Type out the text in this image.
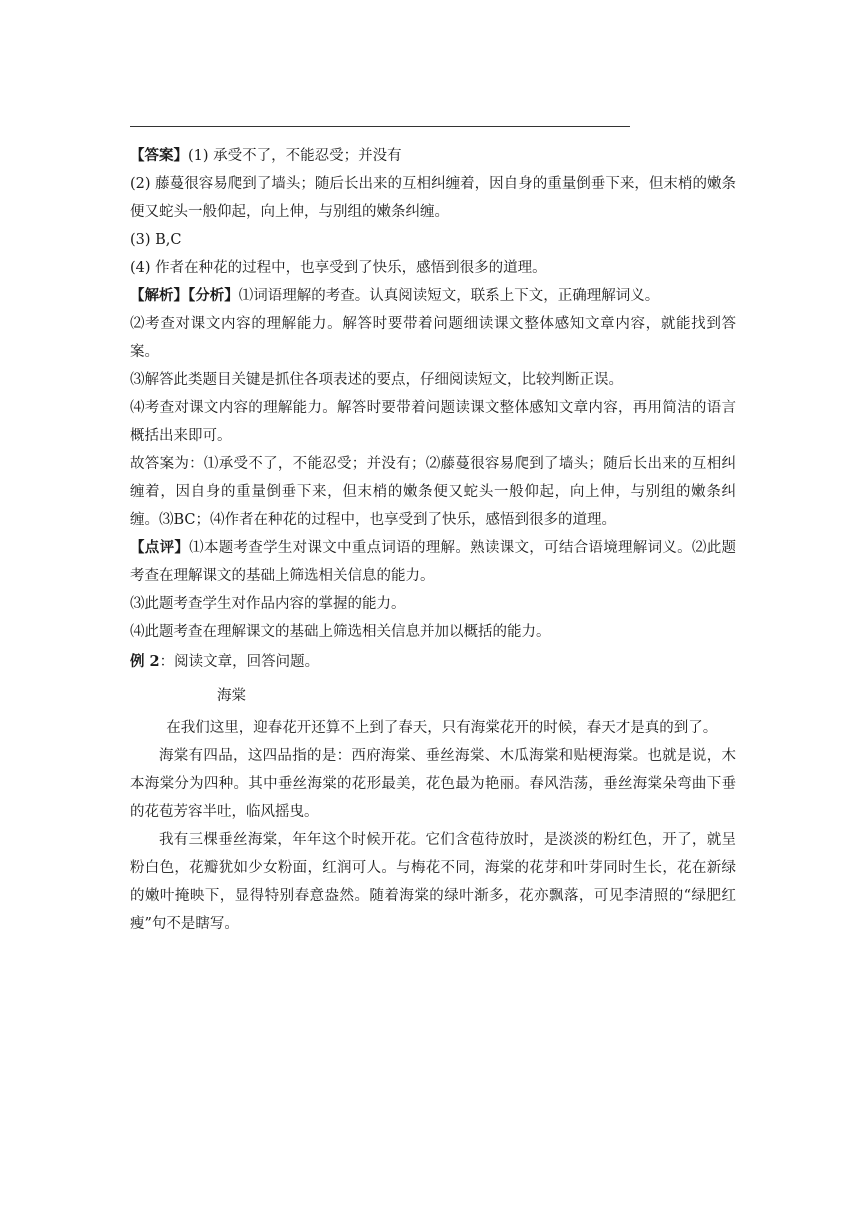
【答案】(1) 承受不了，不能忍受；并没有

(2) 藤蔓很容易爬到了墙头；随后长出来的互相纠缠着，因自身的重量倒垂下来，但末梢的嫩条便又蛇头一般仰起，向上伸，与别组的嫩条纠缠。

(3) B,C

(4) 作者在种花的过程中，也享受到了快乐，感悟到很多的道理。

【解析】【分析】⑴词语理解的考查。认真阅读短文，联系上下文，正确理解词义。

⑵考查对课文内容的理解能力。解答时要带着问题细读课文整体感知文章内容，就能找到答案。

⑶解答此类题目关键是抓住各项表述的要点，仔细阅读短文，比较判断正误。

⑷考查对课文内容的理解能力。解答时要带着问题读课文整体感知文章内容，再用简洁的语言概括出来即可。

故答案为：⑴承受不了，不能忍受；并没有；⑵藤蔓很容易爬到了墙头；随后长出来的互相纠缠着，因自身的重量倒垂下来，但末梢的嫩条便又蛇头一般仰起，向上伸，与别组的嫩条纠缠。⑶BC；⑷作者在种花的过程中，也享受到了快乐，感悟到很多的道理。

【点评】⑴本题考查学生对课文中重点词语的理解。熟读课文，可结合语境理解词义。⑵此题考查在理解课文的基础上筛选相关信息的能力。

⑶此题考查学生对作品内容的掌握的能力。

⑷此题考查在理解课文的基础上筛选相关信息并加以概括的能力。

例 2：阅读文章，回答问题。

海棠

在我们这里，迎春花开还算不上到了春天，只有海棠花开的时候，春天才是真的到了。

海棠有四品，这四品指的是：西府海棠、垂丝海棠、木瓜海棠和贴梗海棠。也就是说，木本海棠分为四种。其中垂丝海棠的花形最美，花色最为艳丽。春风浩荡，垂丝海棠朵弯曲下垂的花苞芳容半吐，临风摇曳。

我有三棵垂丝海棠，年年这个时候开花。它们含苞待放时，是淡淡的粉红色，开了，就呈粉白色，花瓣犹如少女粉面，红润可人。与梅花不同，海棠的花芽和叶芽同时生长，花在新绿的嫩叶掩映下，显得特别春意盎然。随着海棠的绿叶渐多，花亦飘落，可见李清照的“绿肥红瘦”句不是瞎写。
